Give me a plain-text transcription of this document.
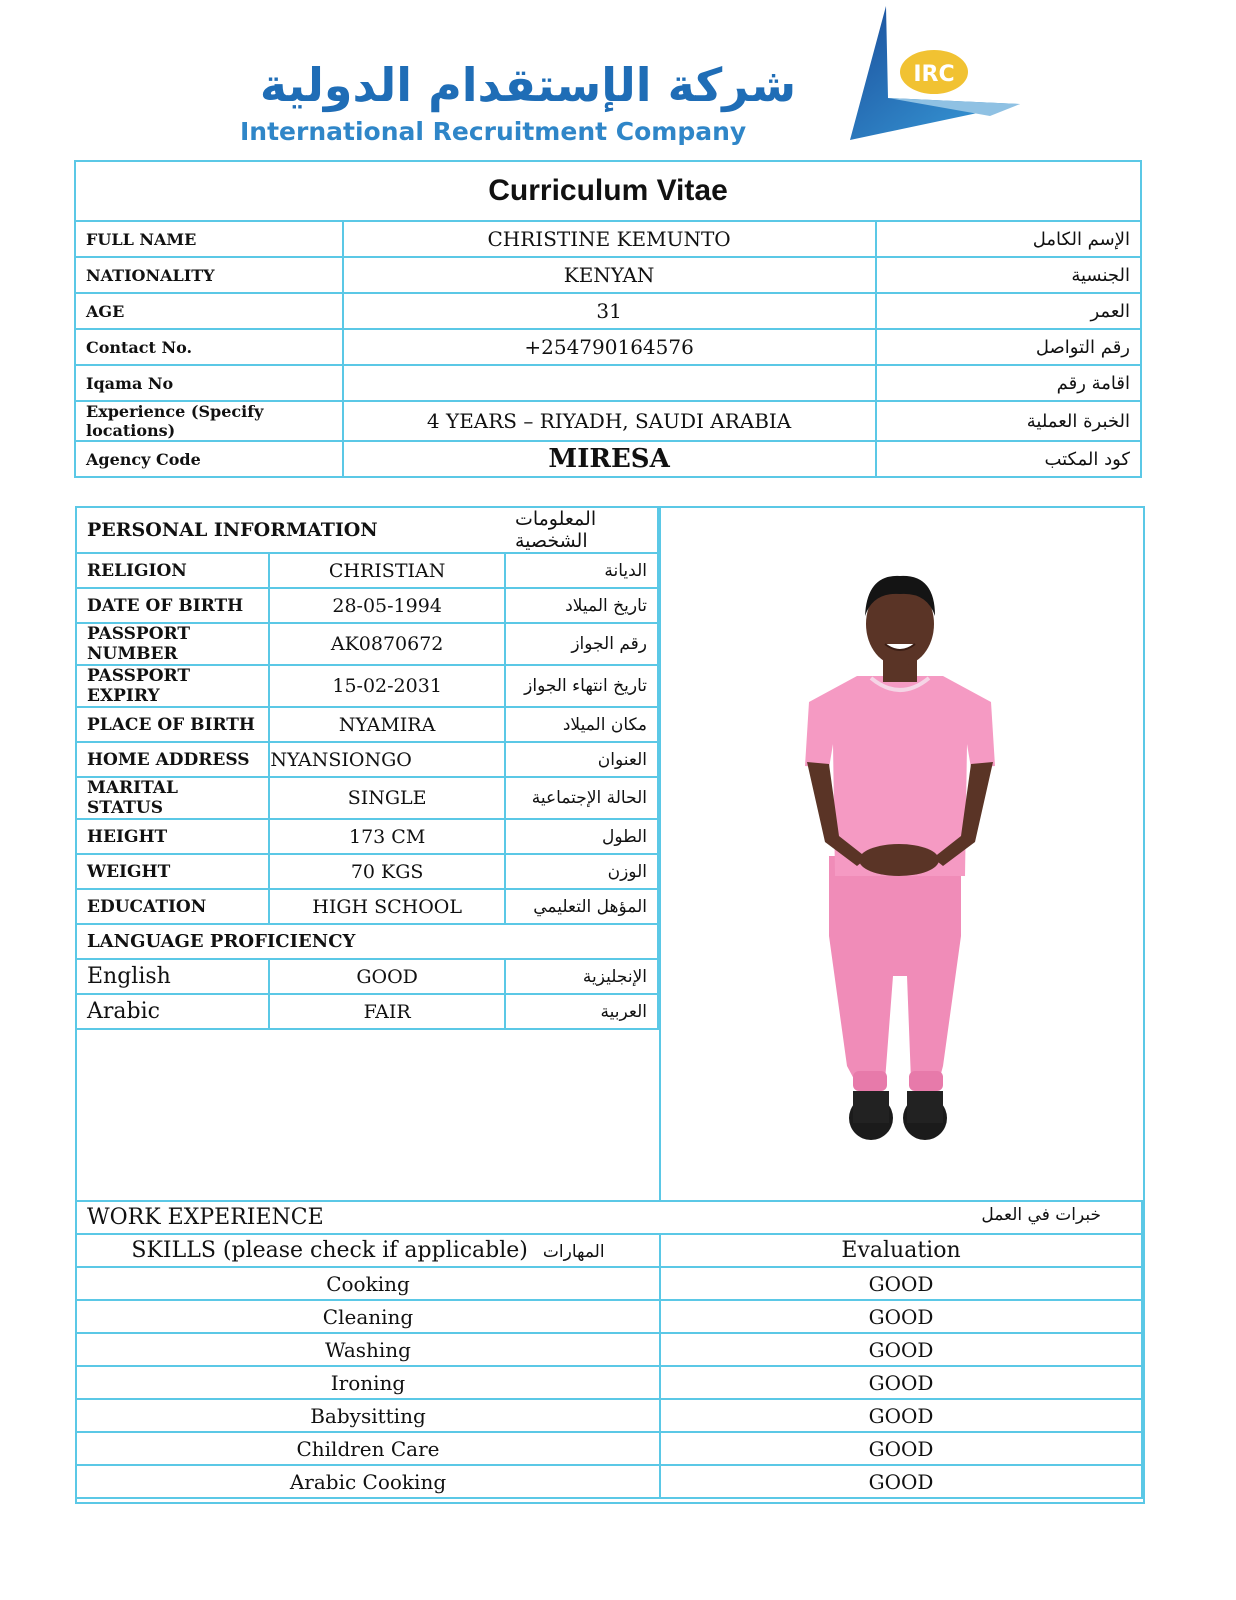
شركة الإستقدام الدولية
International Recruitment Company
IRC
Curriculum Vitae		
FULL NAME	CHRISTINE KEMUNTO	الإسم الكامل
NATIONALITY	KENYAN	الجنسية
AGE	31	العمر
Contact No.	+254790164576	رقم التواصل
Iqama No		اقامة رقم
Experience (Specify locations)	4 YEARS – RIYADH, SAUDI ARABIA	الخبرة العملية
Agency Code	MIRESA	كود المكتب
PERSONAL INFORMATION		المعلومات الشخصية
RELIGION	CHRISTIAN	الديانة
DATE OF BIRTH	28-05-1994	تاريخ الميلاد
PASSPORT NUMBER	AK0870672	رقم الجواز
PASSPORT EXPIRY	15-02-2031	تاريخ انتهاء الجواز
PLACE OF BIRTH	NYAMIRA	مكان الميلاد
HOME ADDRESS	NYANSIONGO	العنوان
MARITAL STATUS	SINGLE	الحالة الإجتماعية
HEIGHT	173 CM	الطول
WEIGHT	70 KGS	الوزن
EDUCATION	HIGH SCHOOL	المؤهل التعليمي
LANGUAGE PROFICIENCY		
English	GOOD	الإنجليزية
Arabic	FAIR	العربية
WORK EXPERIENCE خبرات في العمل	

SKILLS (please check if applicable) المهارات	Evaluation
Cooking	GOOD
Cleaning	GOOD
Washing	GOOD
Ironing	GOOD
Babysitting	GOOD
Children Care	GOOD
Arabic Cooking	GOOD
